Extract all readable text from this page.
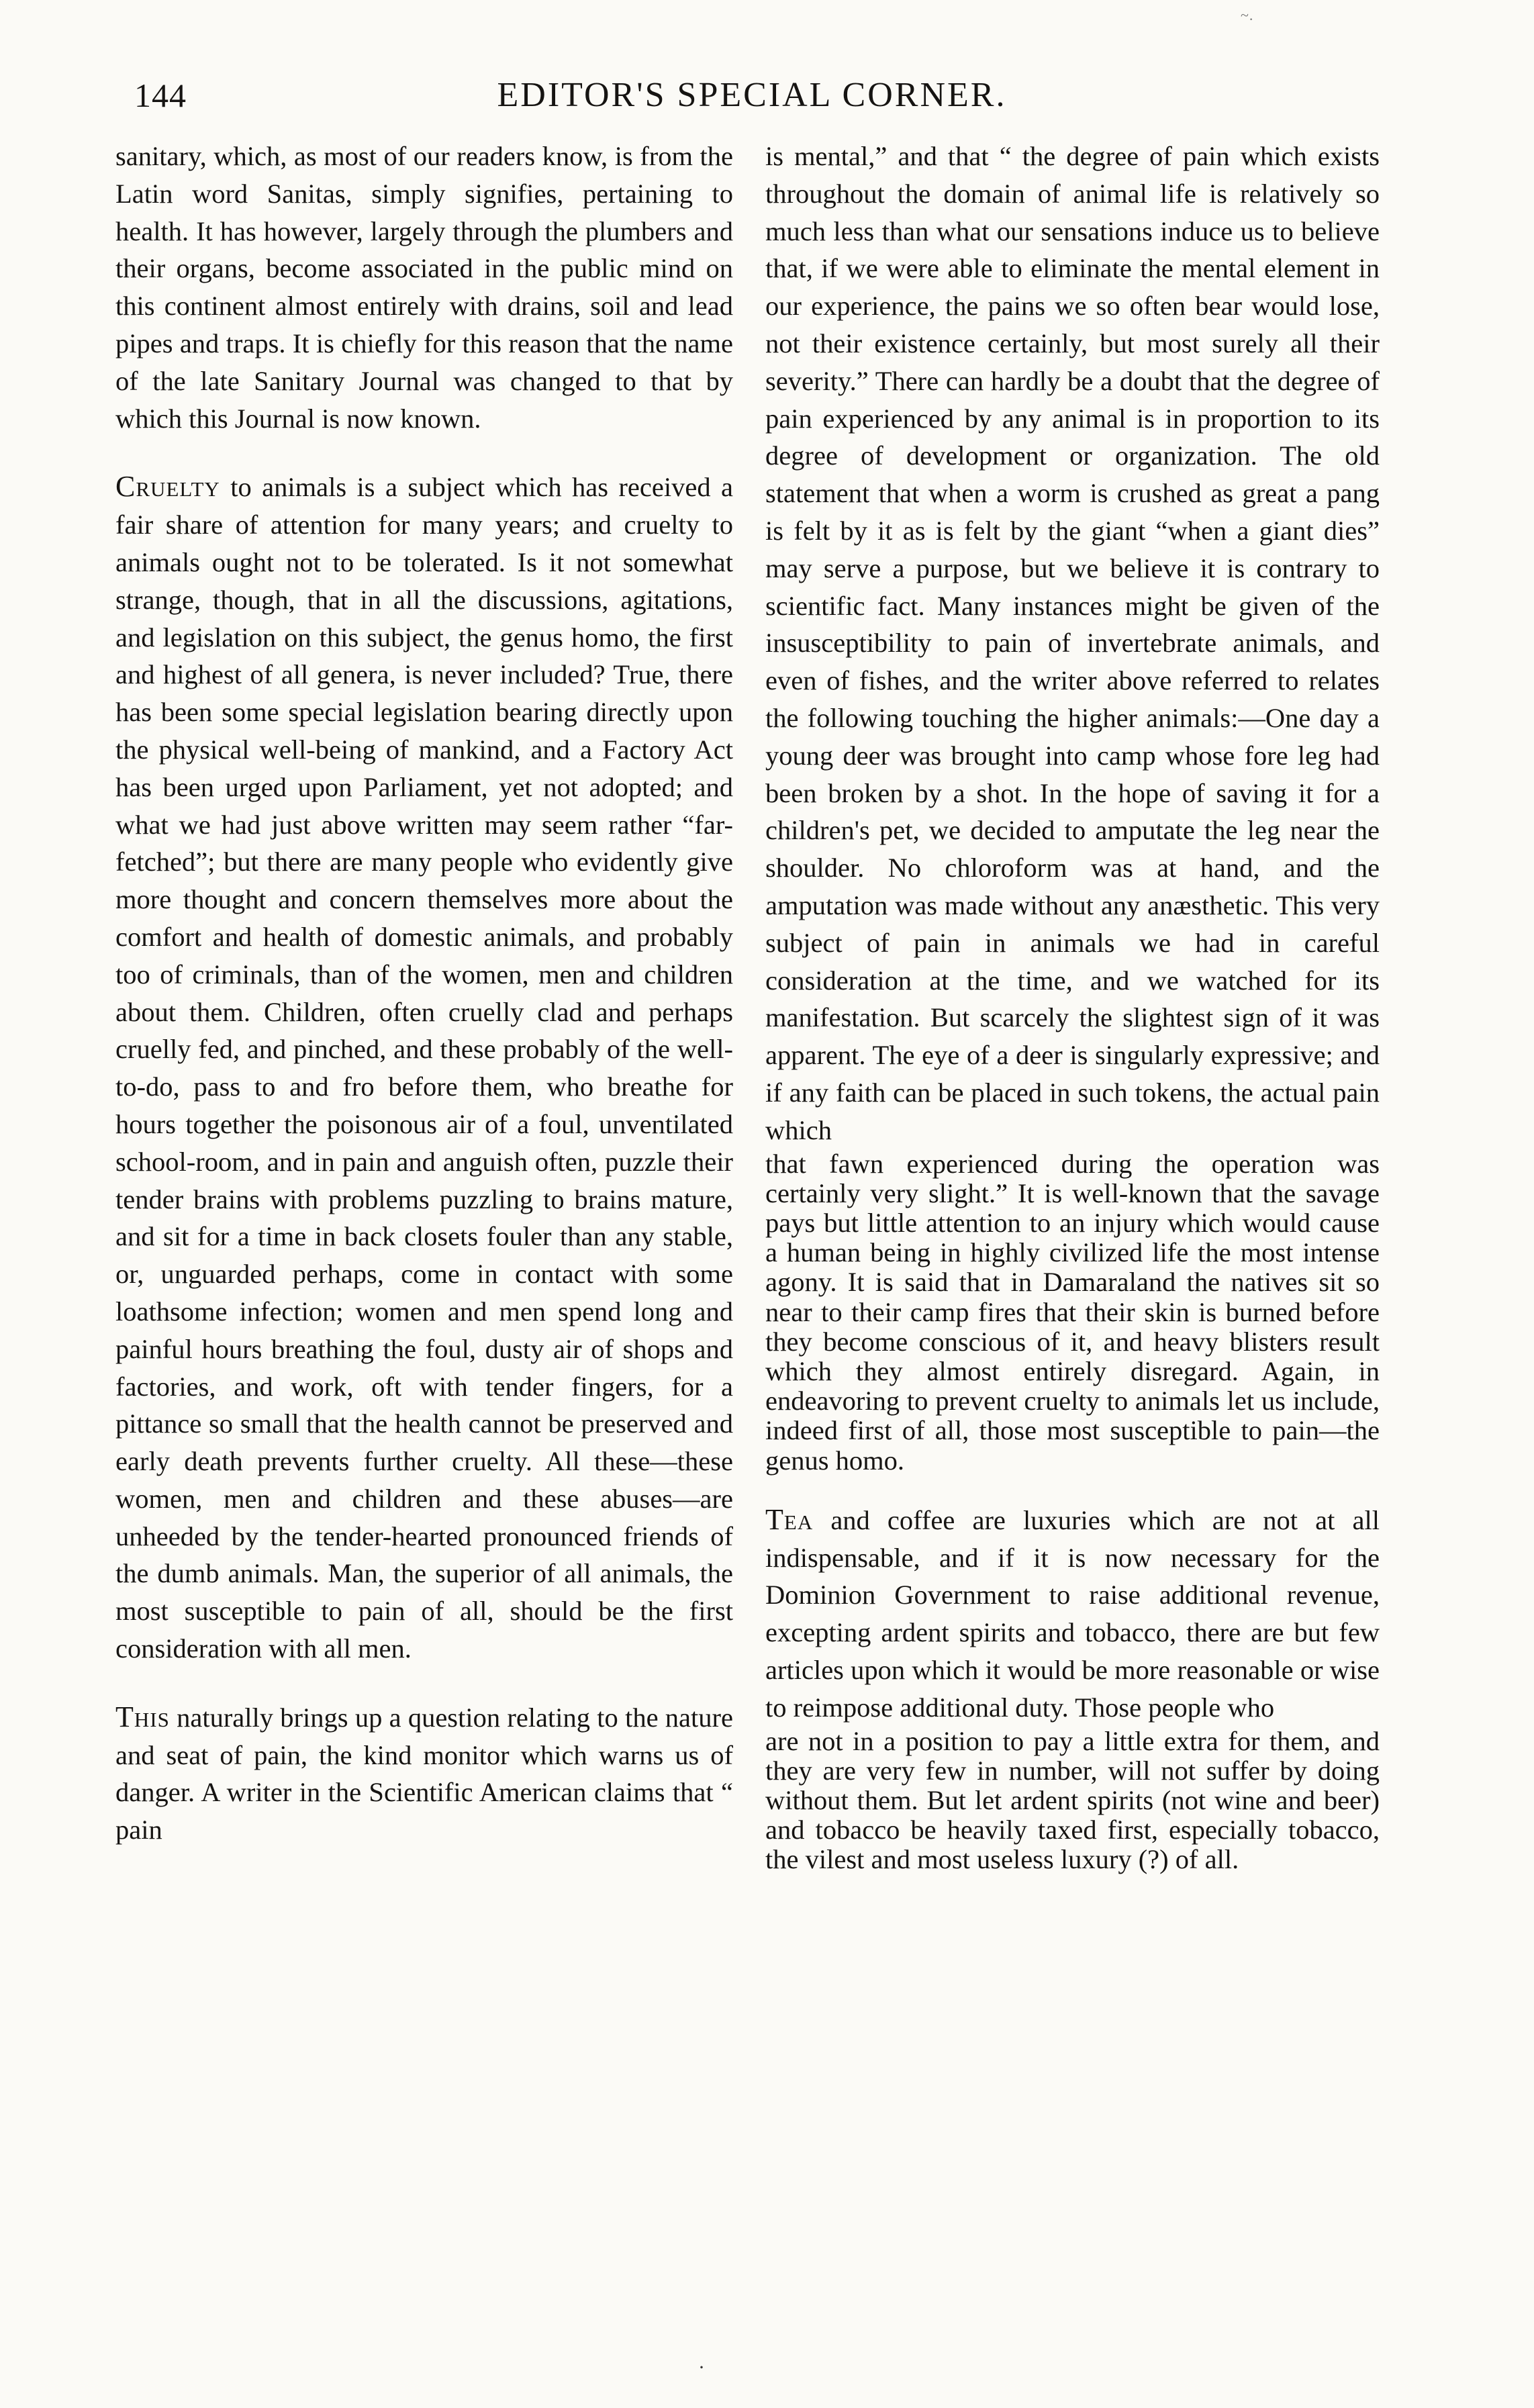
~.
144	EDITOR'S SPECIAL CORNER.

sanitary, which, as most of our readers know, is from the Latin word Sanitas, simply signifies, pertaining to health. It has however, largely through the plumbers and their organs, become associated in the public mind on this continent almost entirely with drains, soil and lead pipes and traps. It is chiefly for this reason that the name of the late Sanitary Journal was changed to that by which this Journal is now known.

Cruelty to animals is a subject which has received a fair share of attention for many years; and cruelty to animals ought not to be tolerated. Is it not somewhat strange, though, that in all the discussions, agitations, and legislation on this subject, the genus homo, the first and highest of all genera, is never included? True, there has been some special legislation bearing directly upon the physical well-being of mankind, and a Factory Act has been urged upon Parliament, yet not adopted; and what we had just above written may seem rather “far-fetched”; but there are many people who evidently give more thought and concern themselves more about the comfort and health of domestic animals, and probably too of criminals, than of the women, men and children about them. Children, often cruelly clad and perhaps cruelly fed, and pinched, and these probably of the well-to-do, pass to and fro before them, who breathe for hours together the poisonous air of a foul, unventilated school-room, and in pain and anguish often, puzzle their tender brains with problems puzzling to brains mature, and sit for a time in back closets fouler than any stable, or, unguarded perhaps, come in contact with some loathsome infection; women and men spend long and painful hours breathing the foul, dusty air of shops and factories, and work, oft with tender fingers, for a pittance so small that the health cannot be preserved and early death prevents further cruelty. All these—these women, men and children and these abuses—are unheeded by the tender-hearted pronounced friends of the dumb animals. Man, the superior of all animals, the most susceptible to pain of all, should be the first consideration with all men.

This naturally brings up a question relating to the nature and seat of pain, the kind monitor which warns us of danger. A writer in the Scientific American claims that “ pain

is mental,” and that “ the degree of pain which exists throughout the domain of animal life is relatively so much less than what our sensations induce us to believe that, if we were able to eliminate the mental element in our experience, the pains we so often bear would lose, not their existence certainly, but most surely all their severity.” There can hardly be a doubt that the degree of pain experienced by any animal is in proportion to its degree of development or organization. The old statement that when a worm is crushed as great a pang is felt by it as is felt by the giant “when a giant dies” may serve a purpose, but we believe it is contrary to scientific fact. Many instances might be given of the insusceptibility to pain of invertebrate animals, and even of fishes, and the writer above referred to relates the following touching the higher animals:—One day a young deer was brought into camp whose fore leg had been broken by a shot. In the hope of saving it for a children's pet, we decided to amputate the leg near the shoulder. No chloroform was at hand, and the amputation was made without any anæsthetic. This very subject of pain in animals we had in careful consideration at the time, and we watched for its manifestation. But scarcely the slightest sign of it was apparent. The eye of a deer is singularly expressive; and if any faith can be placed in such tokens, the actual pain which

that fawn experienced during the operation was certainly very slight.” It is well-known that the savage pays but little attention to an injury which would cause a human being in highly civilized life the most intense agony. It is said that in Damaraland the natives sit so near to their camp fires that their skin is burned before they become conscious of it, and heavy blisters result which they almost entirely disregard. Again, in endeavoring to prevent cruelty to animals let us include, indeed first of all, those most susceptible to pain—the genus homo.

Tea and coffee are luxuries which are not at all indispensable, and if it is now necessary for the Dominion Government to raise additional revenue, excepting ardent spirits and tobacco, there are but few articles upon which it would be more reasonable or wise to reimpose additional duty. Those people who

are not in a position to pay a little extra for them, and they are very few in number, will not suffer by doing without them. But let ardent spirits (not wine and beer) and tobacco be heavily taxed first, especially tobacco, the vilest and most useless luxury (?) of all.

·
